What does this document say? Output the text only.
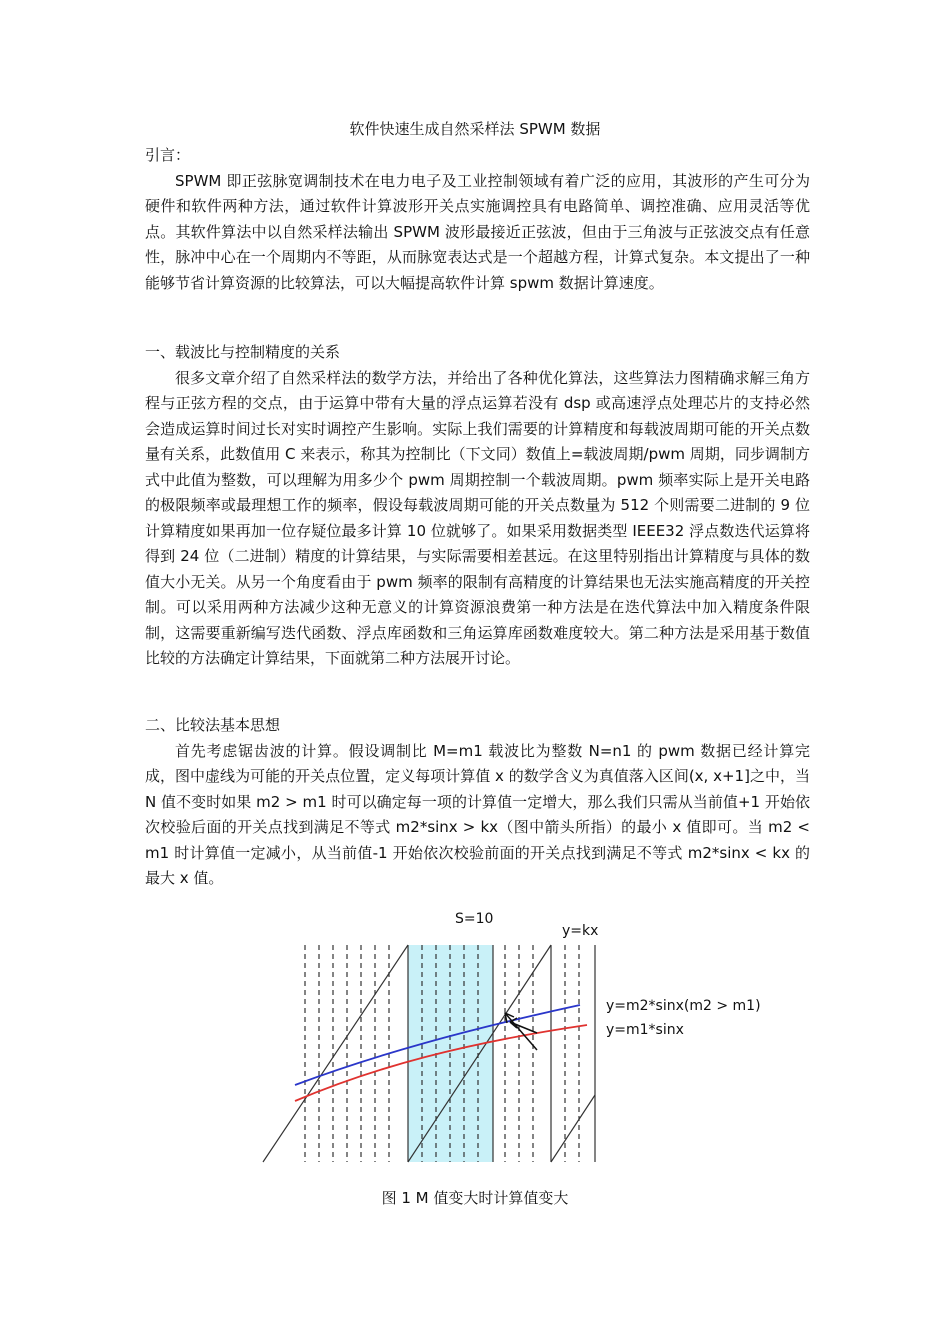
软件快速生成自然采样法 SPWM 数据

引言：

SPWM 即正弦脉宽调制技术在电力电子及工业控制领域有着广泛的应用，其波形的产生可分为硬件和软件两种方法，通过软件计算波形开关点实施调控具有电路简单、调控准确、应用灵活等优点。其软件算法中以自然采样法输出 SPWM 波形最接近正弦波，但由于三角波与正弦波交点有任意性，脉冲中心在一个周期内不等距，从而脉宽表达式是一个超越方程，计算式复杂。本文提出了一种能够节省计算资源的比较算法，可以大幅提高软件计算 spwm 数据计算速度。

一、载波比与控制精度的关系

很多文章介绍了自然采样法的数学方法，并给出了各种优化算法，这些算法力图精确求解三角方程与正弦方程的交点，由于运算中带有大量的浮点运算若没有 dsp 或高速浮点处理芯片的支持必然会造成运算时间过长对实时调控产生影响。实际上我们需要的计算精度和每载波周期可能的开关点数量有关系，此数值用 C 来表示，称其为控制比（下文同）数值上=载波周期/pwm 周期，同步调制方式中此值为整数，可以理解为用多少个 pwm 周期控制一个载波周期。pwm 频率实际上是开关电路的极限频率或最理想工作的频率，假设每载波周期可能的开关点数量为 512 个则需要二进制的 9 位计算精度如果再加一位存疑位最多计算 10 位就够了。如果采用数据类型 IEEE32 浮点数迭代运算将得到 24 位（二进制）精度的计算结果，与实际需要相差甚远。在这里特别指出计算精度与具体的数值大小无关。从另一个角度看由于 pwm 频率的限制有高精度的计算结果也无法实施高精度的开关控制。可以采用两种方法减少这种无意义的计算资源浪费第一种方法是在迭代算法中加入精度条件限制，这需要重新编写迭代函数、浮点库函数和三角运算库函数难度较大。第二种方法是采用基于数值比较的方法确定计算结果，下面就第二种方法展开讨论。

二、比较法基本思想

首先考虑锯齿波的计算。假设调制比 M=m1 载波比为整数 N=n1 的 pwm 数据已经计算完成，图中虚线为可能的开关点位置，定义每项计算值 x 的数学含义为真值落入区间(x, x+1]之中，当 N 值不变时如果 m2 > m1 时可以确定每一项的计算值一定增大，那么我们只需从当前值+1 开始依次校验后面的开关点找到满足不等式 m2*sinx > kx（图中箭头所指）的最小 x 值即可。当 m2 < m1 时计算值一定减小，从当前值-1 开始依次校验前面的开关点找到满足不等式 m2*sinx < kx 的最大 x 值。

S=10
y=kx
y=m2*sinx(m2 > m1)
y=m1*sinx
图 1 M 值变大时计算值变大
